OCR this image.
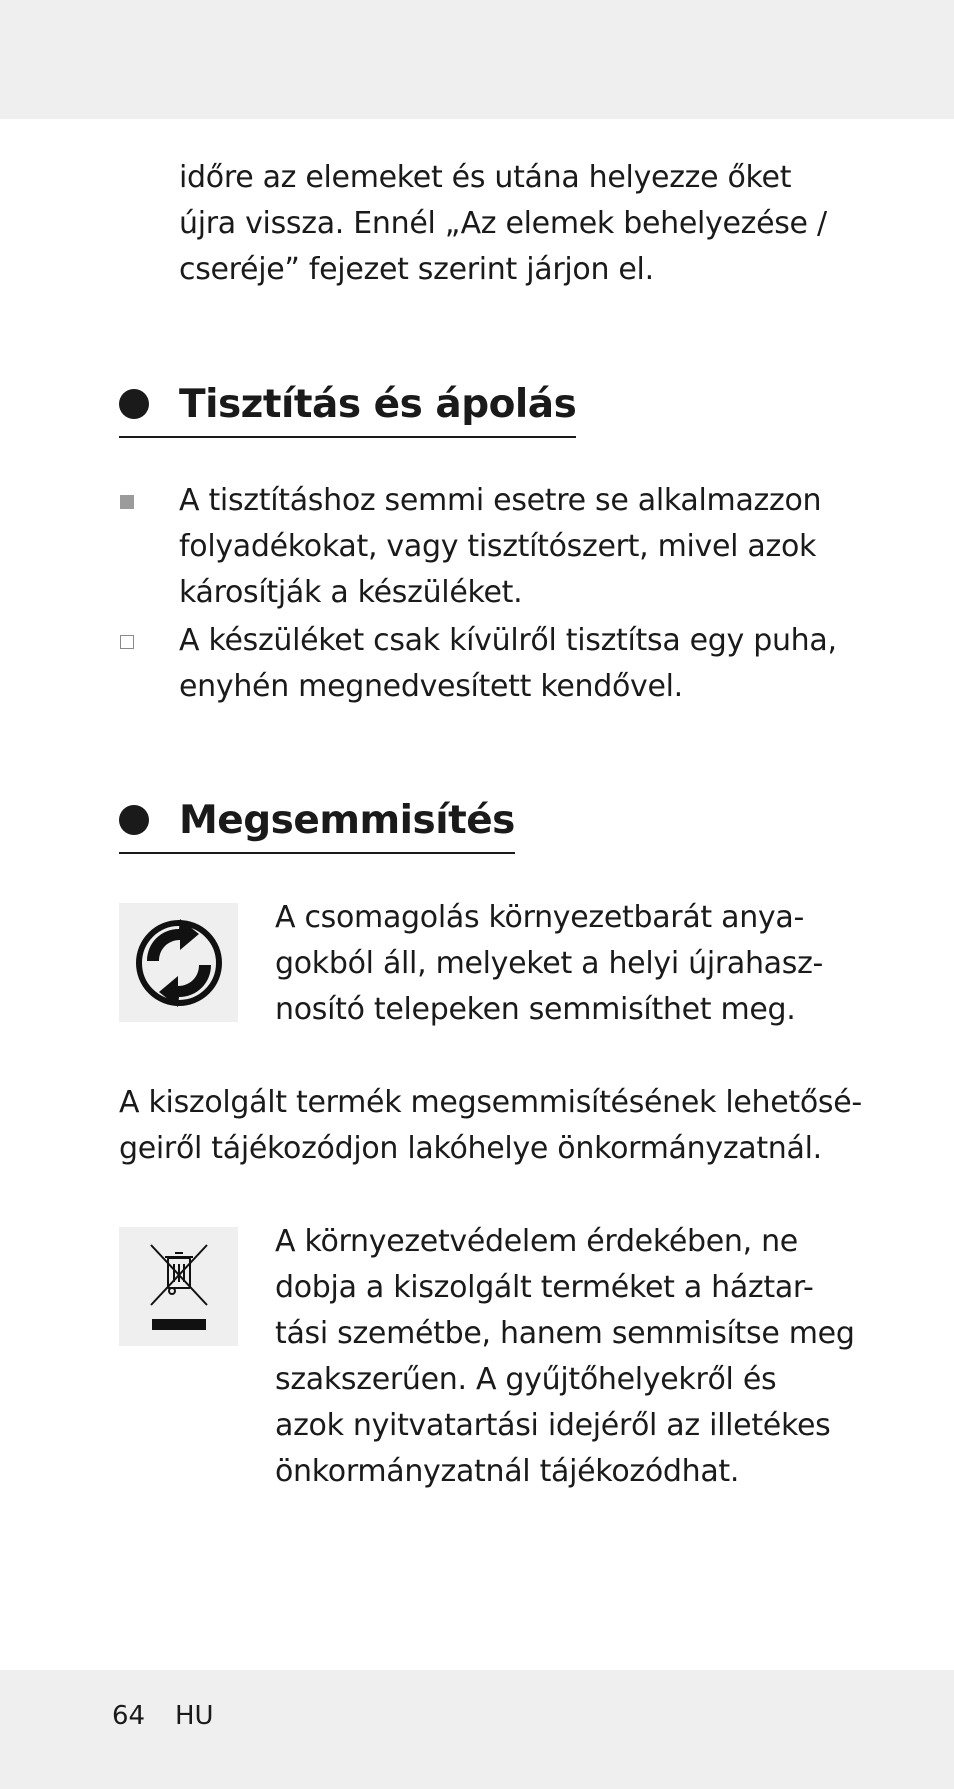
időre az elemeket és utána helyezze őket
újra vissza. Ennél „Az elemek behelyezése /
cseréje” fejezet szerint járjon el.
Tisztítás és ápolás
A tisztításhoz semmi esetre se alkalmazzon
folyadékokat, vagy tisztítószert, mivel azok
károsítják a készüléket.
A készüléket csak kívülről tisztítsa egy puha,
enyhén megnedvesített kendővel.
Megsemmisítés
A csomagolás környezetbarát anya-
gokból áll, melyeket a helyi újrahasz-
nosító telepeken semmisíthet meg.
A kiszolgált termék megsemmisítésének lehetősé-
geiről tájékozódjon lakóhelye önkormányzatnál.
A környezetvédelem érdekében, ne
dobja a kiszolgált terméket a háztar-
tási szemétbe, hanem semmisítse meg
szakszerűen. A gyűjtőhelyekről és
azok nyitvatartási idejéről az illetékes
önkormányzatnál tájékozódhat.
64 HU
